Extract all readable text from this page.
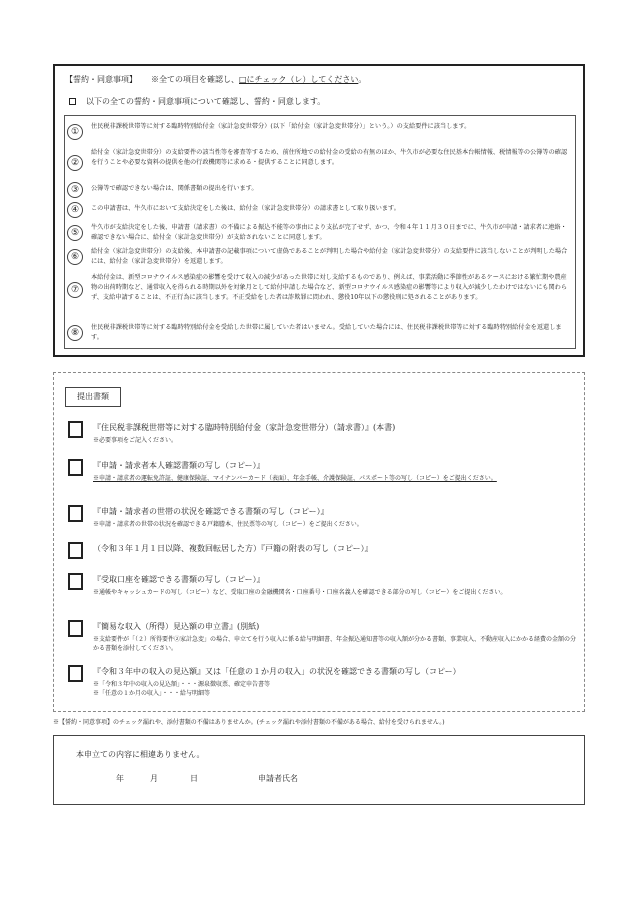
【誓約・同意事項】 ※全ての項目を確認し、□にチェック（レ）してください。
以下の全ての誓約・同意事項について確認し、誓約・同意します。
①
住民税非課税世帯等に対する臨時特別給付金（家計急変世帯分）(以下「給付金（家計急変世帯分）」という。）の支給要件に該当します。
②
給付金（家計急変世帯分）の支給要件の該当性等を審査等するため、前住所地での給付金の受給の有無のほか、牛久市が必要な住民基本台帳情報、税情報等の公簿等の確認を行うことや必要な資料の提供を他の行政機関等に求める・提供することに同意します。
③	公簿等で確認できない場合は、関係書類の提出を行います。
④	この申請書は、牛久市において支給決定をした後は、給付金（家計急変世帯分）の請求書として取り扱います。
⑤
牛久市が支給決定をした後、申請書（請求書）の不備による振込不能等の事由により支払が完了せず、かつ、令和４年１１月３０日までに、牛久市が申請・請求者に連絡・確認できない場合に、給付金（家計急変世帯分）が支給されないことに同意します。
⑥
給付金（家計急変世帯分）の支給後、本申請書の記載事項について虚偽であることが判明した場合や給付金（家計急変世帯分）の支給要件に該当しないことが判明した場合には、給付金（家計急変世帯分）を返還します。
⑦
本給付金は、新型コロナウイルス感染症の影響を受けて収入の減少があった世帯に対し支給するものであり、例えば、事業活動に季節性があるケースにおける繁忙期や農産物の出荷時期など、通常収入を得られる時期以外を対象月として給付申請した場合など、新型コロナウイルス感染症の影響等により収入が減少したわけではないにも関わらず、支給申請することは、不正行為に該当します。不正受給をした者は詐欺罪に問われ、懲役10年以下の懲役刑に処されることがあります。
⑧
住民税非課税世帯等に対する臨時特別給付金を受給した世帯に属していた者はいません。受給していた場合には、住民税非課税世帯等に対する臨時特別給付金を返還します。
提出書類
『住民税非課税世帯等に対する臨時特別給付金（家計急変世帯分）（請求書）』(本書)
※必要事項をご記入ください。
『申請・請求者本人確認書類の写し（コピー）』
※申請・請求者の運転免許証、健康保険証、マイナンバーカード（表面）、年金手帳、介護保険証、パスポート等の写し（コピー）をご提出ください。
『申請・請求者の世帯の状況を確認できる書類の写し（コピー）』
※申請・請求者の世帯の状況を確認できる戸籍謄本、住民票等の写し（コピー）をご提出ください。
（令和３年１月１日以降、複数回転居した方）『戸籍の附表の写し（コピー）』
『受取口座を確認できる書類の写し（コピー）』
※通帳やキャッシュカードの写し（コピー）など、受取口座の金融機関名・口座番号・口座名義人を確認できる部分の写し（コピー）をご提出ください。
『簡易な収入（所得）見込額の申立書』(別紙)
※支給要件が「（２）所得要件②家計急変」の場合、申立てを行う収入に係る給与明細書、年金振込通知書等の収入額が分かる書類、事業収入、不動産収入にかかる経費の金額の分かる書類を添付してください。
『令和３年中の収入の見込額』又は「任意の１か月の収入」の状況を確認できる書類の写し（コピー）
※「令和３年中の収入の見込額」・・・源泉徴収票、確定申告書等
※「任意の１か月の収入」・・・給与明細等
※【誓約・同意事項】のチェック漏れや、添付書類の不備はありませんか。(チェック漏れや添付書類の不備がある場合、給付を受けられません。)
本申立ての内容に相違ありません。
年	月	日	申請者氏名
